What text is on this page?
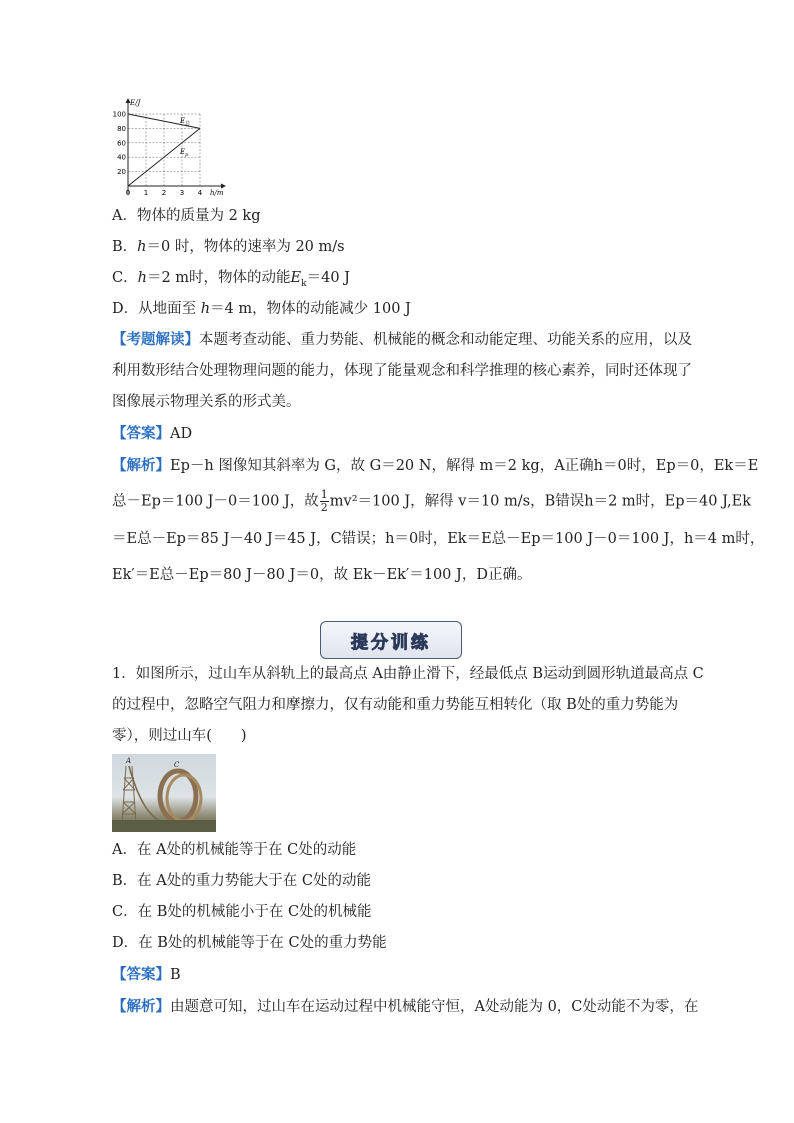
E/J
h/m
100
80
60
40
20
0 1 2 3 4
$E_总$
$E_p$
A．物体的质量为 2 kg
B．h＝0 时，物体的速率为 20 m/s
C．h＝2 m时，物体的动能$E_k=40$ J
D．从地面至 h＝4 m，物体的动能减少 100 J
【考题解读】本题考查动能、重力势能、机械能的概念和动能定理、功能关系的应用，以及
利用数形结合处理物理问题的能力，体现了能量观念和科学推理的核心素养，同时还体现了
图像展示物理关系的形式美。
【答案】AD
【解析】Ep－h 图像知其斜率为 G，故 G＝20 N，解得 m＝2 kg，A正确h＝0时，Ep＝0，Ek＝E
总－Ep＝100 J－0＝100 J，故 $\frac{1}{2} mv^2=100$ J，解得 v＝10 m/s，B错误h＝2 m时，Ep＝40 J,Ek
＝E总－Ep＝85 J－40 J＝45 J，C错误；h＝0时，Ek＝E总－Ep＝100 J－0＝100 J，h＝4 m时，
Ek′＝E总－Ep＝80 J－80 J＝0，故 Ek－Ek′＝100 J，D正确。
提分训练
1．如图所示，过山车从斜轨上的最高点 A由静止滑下，经最低点 B运动到圆形轨道最高点 C
的过程中，忽略空气阻力和摩擦力，仅有动能和重力势能互相转化（取 B处的重力势能为
零），则过山车(　　)
A	C
A．在 A处的机械能等于在 C处的动能
B．在 A处的重力势能大于在 C处的动能
C．在 B处的机械能小于在 C处的机械能
D．在 B处的机械能等于在 C处的重力势能
【答案】B
【解析】由题意可知，过山车在运动过程中机械能守恒，A处动能为 0，C处动能不为零，在
